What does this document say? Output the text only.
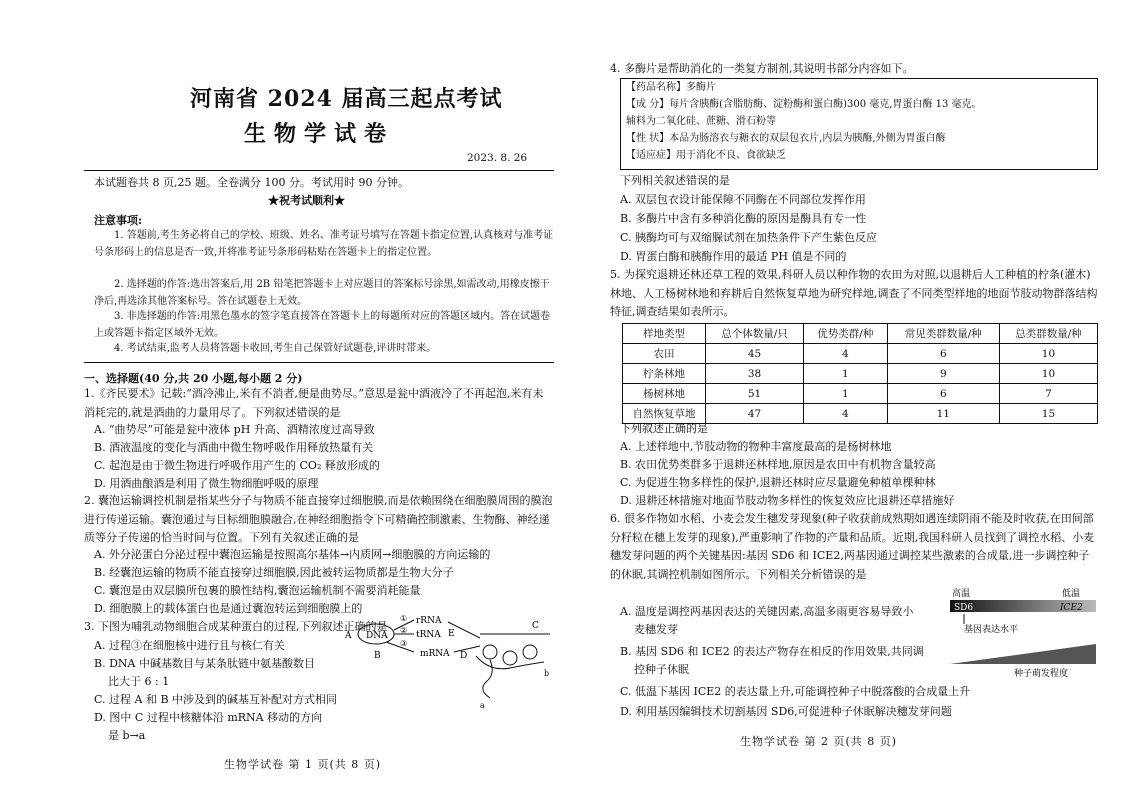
河南省 2024 届高三起点考试
生物学试卷
2023. 8. 26
本试题卷共 8 页,25 题。全卷满分 100 分。考试用时 90 分钟。
★祝考试顺利★
注意事项:
1. 答题前,考生务必将自己的学校、班级、姓名、准考证号填写在答题卡指定位置,认真核对与准考证号条形码上的信息是否一致,并将准考证号条形码粘贴在答题卡上的指定位置。
2. 选择题的作答:选出答案后,用 2B 铅笔把答题卡上对应题目的答案标号涂黑,如需改动,用橡皮擦干净后,再选涂其他答案标号。答在试题卷上无效。
3. 非选择题的作答:用黑色墨水的签字笔直接答在答题卡上的每题所对应的答题区域内。答在试题卷上或答题卡指定区域外无效。
4. 考试结束,监考人员将答题卡收回,考生自己保管好试题卷,评讲时带来。
一、选择题(40 分,共 20 小题,每小题 2 分)
1.《齐民要术》记载:“酒冷沸止,米有不消者,便是曲势尽。”意思是瓮中酒液冷了不再起泡,米有未消耗完的,就是酒曲的力量用尽了。下列叙述错误的是
A. “曲势尽”可能是瓮中液体 pH 升高、酒精浓度过高导致
B. 酒液温度的变化与酒曲中微生物呼吸作用释放热量有关
C. 起泡是由于微生物进行呼吸作用产生的 CO₂ 释放形成的
D. 用酒曲酿酒是利用了微生物细胞呼吸的原理
2. 囊泡运输调控机制是指某些分子与物质不能直接穿过细胞膜,而是依赖围绕在细胞膜周围的膜泡进行传递运输。囊泡通过与目标细胞膜融合,在神经细胞指令下可精确控制激素、生物酶、神经递质等分子传递的恰当时间与位置。下列有关叙述正确的是
A. 外分泌蛋白分泌过程中囊泡运输是按照高尔基体→内质网→细胞膜的方向运输的
B. 经囊泡运输的物质不能直接穿过细胞膜,因此被转运物质都是生物大分子
C. 囊泡是由双层膜所包裹的膜性结构,囊泡运输机制不需要消耗能量
D. 细胞膜上的载体蛋白也是通过囊泡转运到细胞膜上的
3. 下图为哺乳动物细胞合成某种蛋白的过程,下列叙述正确的是
A. 过程③在细胞核中进行且与核仁有关
B. DNA 中碱基数目与某条肽链中氨基酸数目
比大于 6 : 1
C. 过程 A 和 B 中涉及到的碱基互补配对方式相同
D. 图中 C 过程中核糖体沿 mRNA 移动的方向
是 b→a
DNA
A
①
②
③
rRNA
tRNA
mRNA
B
E
D
C
a
b
生物学试卷 第 1 页(共 8 页)
4. 多酶片是帮助消化的一类复方制剂,其说明书部分内容如下。
【药品名称】多酶片
【成 分】每片含胰酶(含脂肪酶、淀粉酶和蛋白酶)300 毫克,胃蛋白酶 13 毫克。
辅料为二氧化硅、蔗糖、滑石粉等
【性 状】本品为肠溶衣与糖衣的双层包衣片,内层为胰酶,外侧为胃蛋白酶
【适应症】用于消化不良、食欲缺乏
下列相关叙述错误的是
A. 双层包衣设计能保障不同酶在不同部位发挥作用
B. 多酶片中含有多种消化酶的原因是酶具有专一性
C. 胰酶均可与双缩脲试剂在加热条件下产生紫色反应
D. 胃蛋白酶和胰酶作用的最适 PH 值是不同的
5. 为探究退耕还林还草工程的效果,科研人员以种作物的农田为对照,以退耕后人工种植的柠条(灌木)林地、人工杨树林地和弃耕后自然恢复草地为研究样地,调查了不同类型样地的地面节肢动物群落结构特征,调查结果如表所示。
样地类型	总个体数量/只	优势类群/种	常见类群数量/种	总类群数量/种
农田	45	4	6	10
柠条林地	38	1	9	10
杨树林地	51	1	6	7
自然恢复草地	47	4	11	15
下列叙述正确的是
A. 上述样地中,节肢动物的物种丰富度最高的是杨树林地
B. 农田优势类群多于退耕还林样地,原因是农田中有机物含量较高
C. 为促进生物多样性的保护,退耕还林时应尽量避免种植单棵种林
D. 退耕还林措施对地面节肢动物多样性的恢复效应比退耕还草措施好
6. 很多作物如水稻、小麦会发生穗发芽现象(种子收获前成熟期如遇连续阴雨不能及时收获,在田间部分籽粒在穗上发芽的现象),严重影响了作物的产量和品质。近期,我国科研人员找到了调控水稻、小麦穗发芽问题的两个关键基因:基因 SD6 和 ICE2,两基因通过调控某些激素的合成量,进一步调控种子的休眠,其调控机制如图所示。下列相关分析错误的是
A. 温度是调控两基因表达的关键因素,高温多雨更容易导致小
麦穗发芽
B. 基因 SD6 和 ICE2 的表达产物存在相反的作用效果,共同调
控种子休眠
C. 低温下基因 ICE2 的表达量上升,可能调控种子中脱落酸的合成量上升
D. 利用基因编辑技术切割基因 SD6,可促进种子休眠解决穗发芽问题
高温	低温
SD6	ICE2
基因表达水平
种子萌发程度
生物学试卷 第 2 页(共 8 页)
